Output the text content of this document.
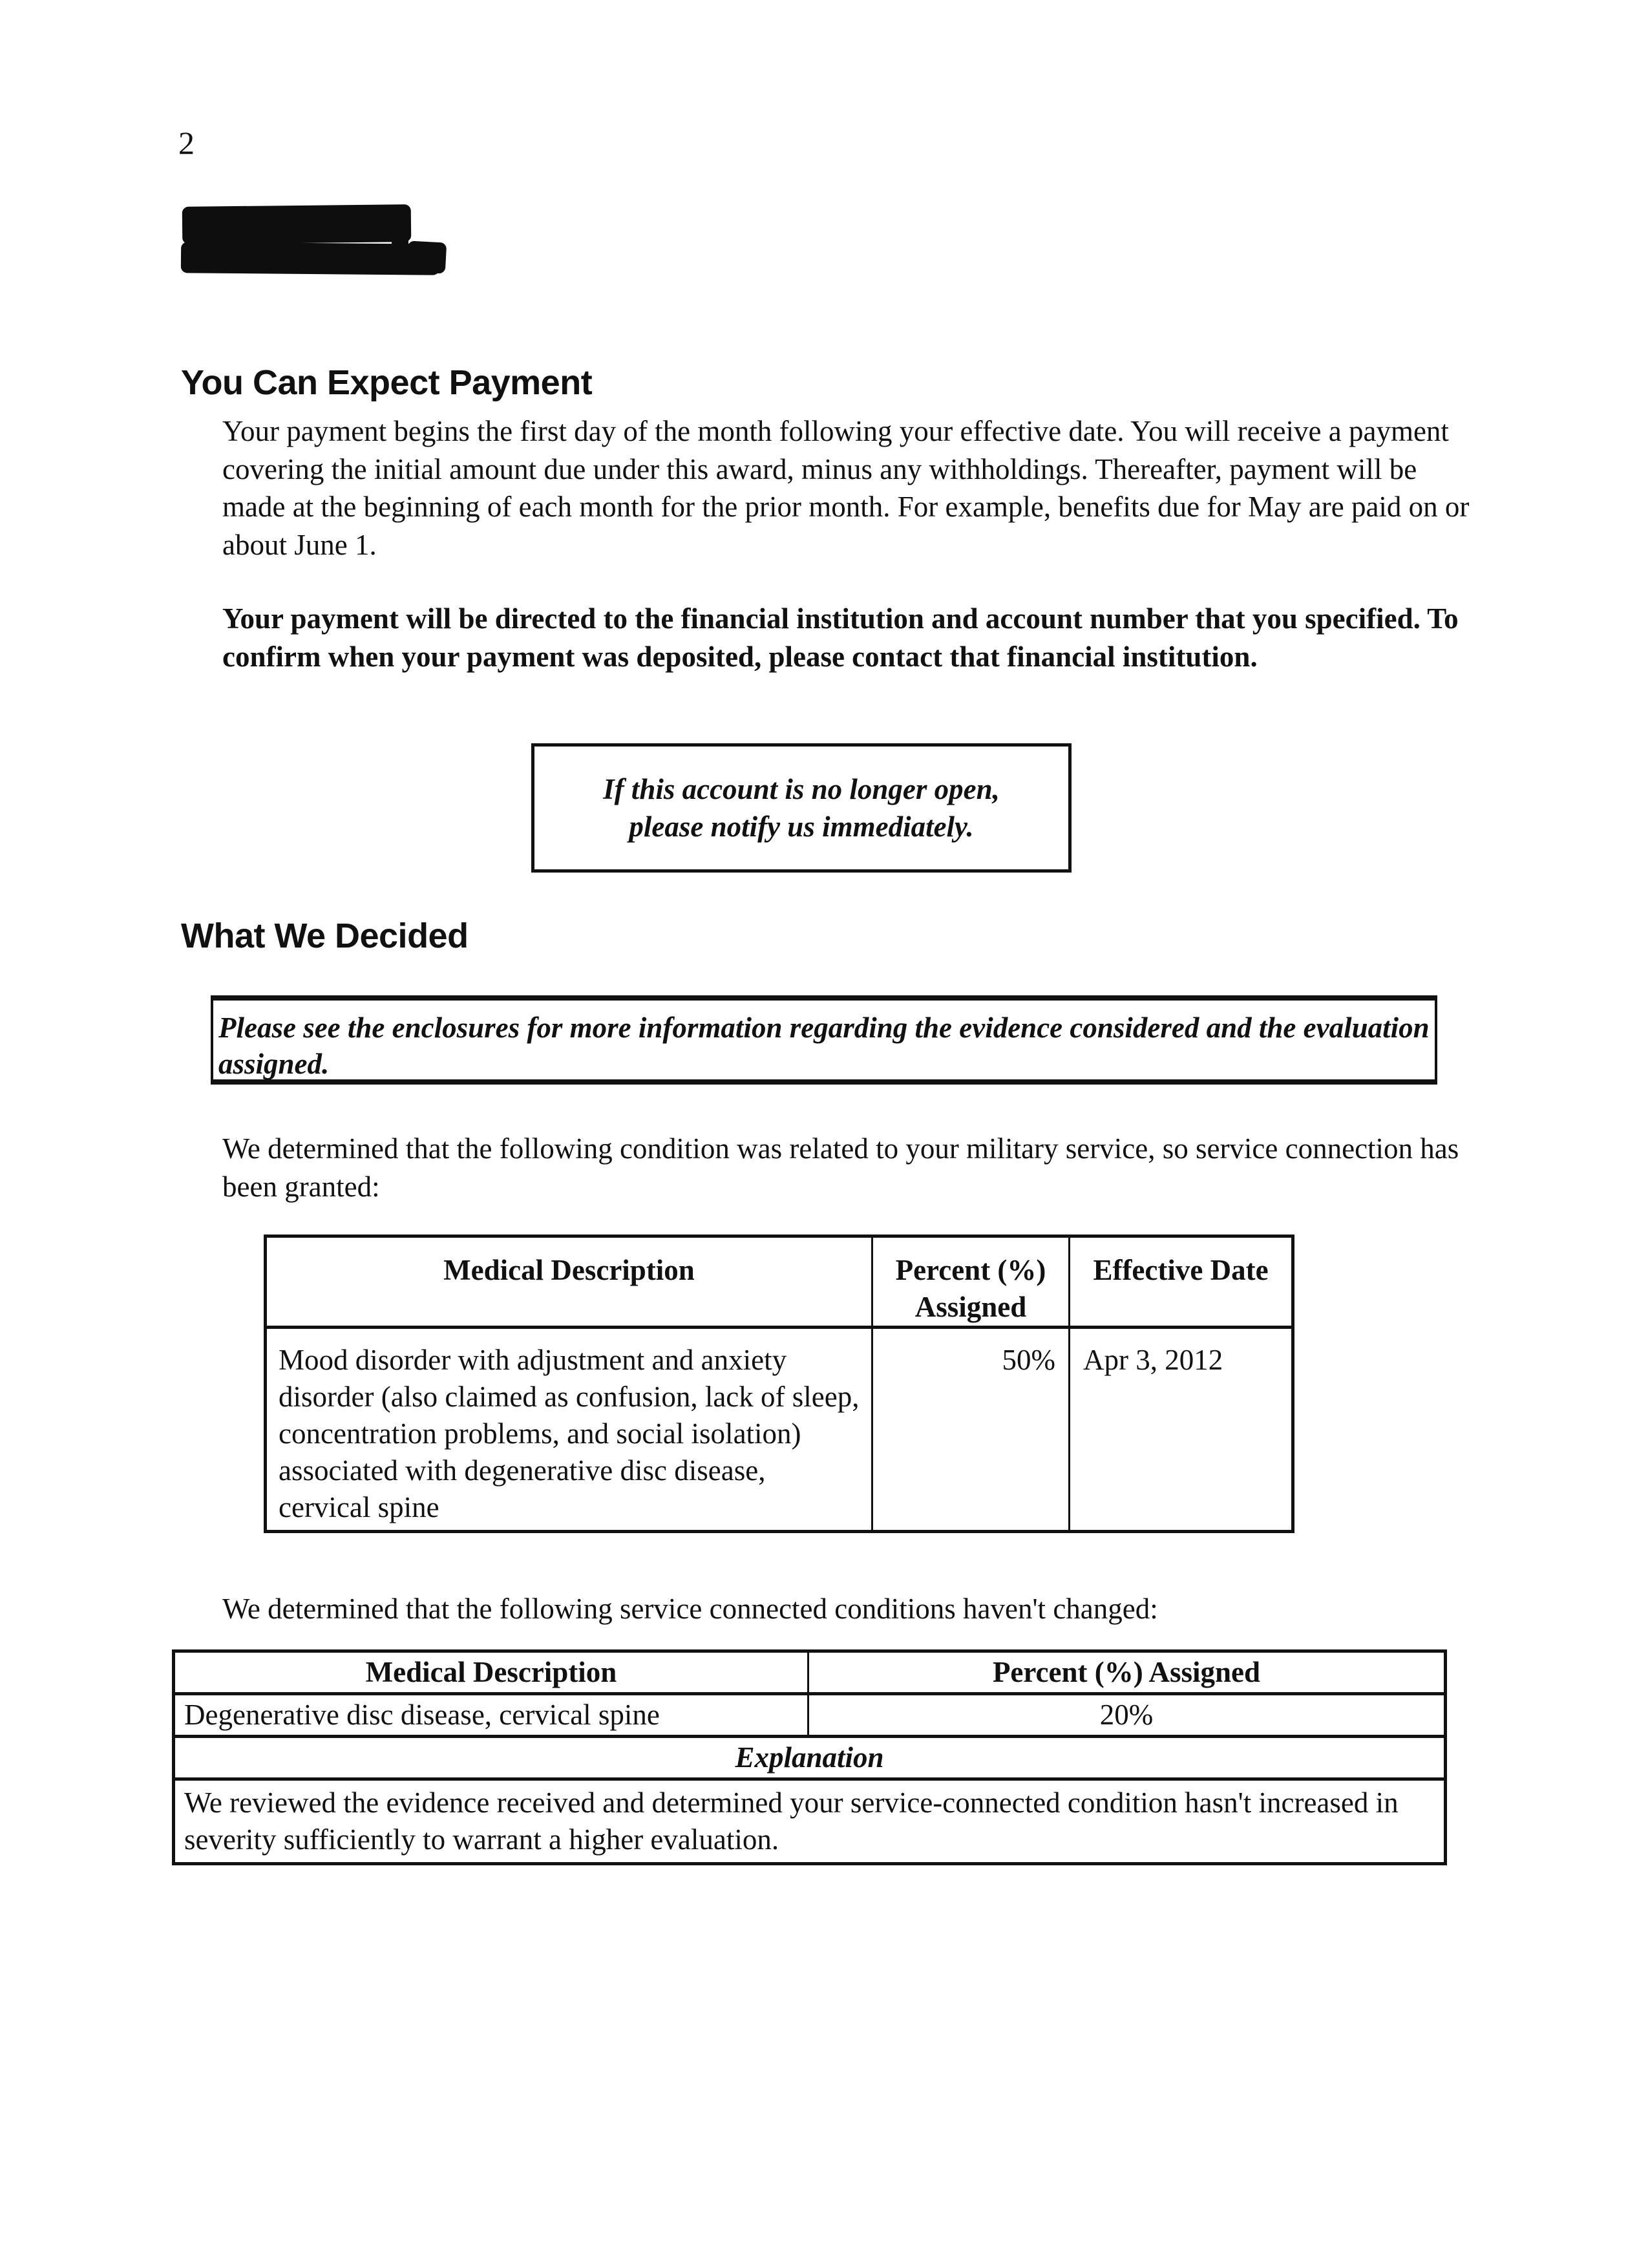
2
You Can Expect Payment
Your payment begins the first day of the month following your effective date. You will receive a payment covering the initial amount due under this award, minus any withholdings. Thereafter, payment will be made at the beginning of each month for the prior month. For example, benefits due for May are paid on or about June 1.
Your payment will be directed to the financial institution and account number that you specified. To confirm when your payment was deposited, please contact that financial institution.
If this account is no longer open,
please notify us immediately.
What We Decided
Please see the enclosures for more information regarding the evidence considered and the evaluation assigned.
We determined that the following condition was related to your military service, so service connection has been granted:
Medical Description	Percent (%) Assigned	Effective Date
Mood disorder with adjustment and anxiety disorder (also claimed as confusion, lack of sleep, concentration problems, and social isolation) associated with degenerative disc disease, cervical spine	50%	Apr 3, 2012
We determined that the following service connected conditions haven't changed:
Medical Description	Percent (%) Assigned
Degenerative disc disease, cervical spine	20%
Explanation	
We reviewed the evidence received and determined your service-connected condition hasn't increased in severity sufficiently to warrant a higher evaluation.	
